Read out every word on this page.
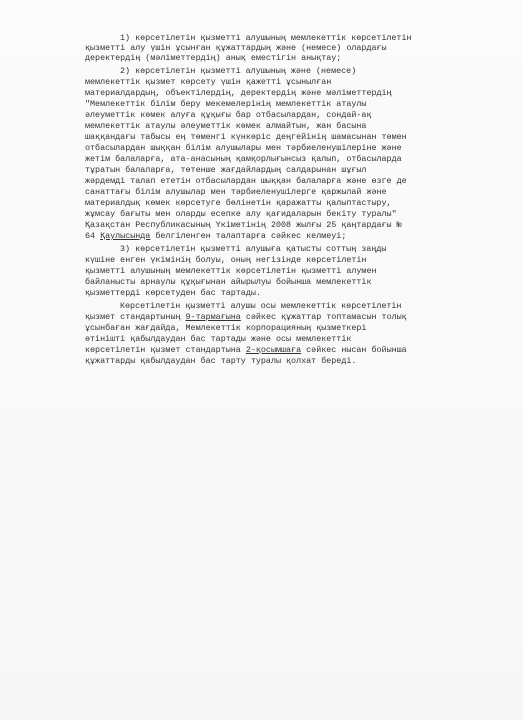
1) көрсетілетін қызметті алушының мемлекеттік көрсетілетін
қызметті алу үшін ұсынған құжаттардың және (немесе) олардағы
деректердің (мәліметтердің) анық еместігін анықтау;
2) көрсетілетін қызметті алушының және (немесе)
мемлекеттік қызмет көрсету үшін қажетті ұсынылған
материалдардың, объектілердің, деректердің және мәліметтердің
"Мемлекеттік білім беру мекемелерінің мемлекеттік атаулы
әлеуметтік көмек алуға құқығы бар отбасылардан, сондай-ақ
мемлекеттік атаулы әлеуметтік көмек алмайтын, жан басына
шаққандағы табысы ең төменгі күнкөріс деңгейінің шамасынан төмен
отбасылардан шыққан білім алушылары мен тәрбиеленушілеріне және
жетім балаларға, ата-анасының қамқорлығынсыз қалып, отбасыларда
тұратын балаларға, төтенше жағдайлардың салдарынан шұғыл
жәрдемді талап ететін отбасылардан шыққан балаларға және өзге де
санаттағы білім алушылар мен тәрбиеленушілерге қаржылай және
материалдық көмек көрсетуге бөлінетін қаражатты қалыптастыру,
жұмсау бағыты мен оларды есепке алу қағидаларын бекіту туралы"
Қазақстан Республикасының Үкіметінің 2008 жылғы 25 қаңтардағы №
64 Қаулысында белгіленген талаптарға сәйкес келмеуі;
3) көрсетілетін қызметті алушыға қатысты соттың заңды
күшіне енген үкімінің болуы, оның негізінде көрсетілетін
қызметті алушының мемлекеттік көрсетілетін қызметті алумен
байланысты арнаулы құқығынан айырылуы бойынша мемлекеттік
қызметтерді көрсетуден бас тартады.
Көрсетілетін қызметті алушы осы мемлекеттік көрсетілетін
қызмет стандартының 9-тармағына сәйкес құжаттар топтамасын толық
ұсынбаған жағдайда, Мемлекеттік корпорацияның қызметкері
өтінішті қабылдаудан бас тартады және осы мемлекеттік
көрсетілетін қызмет стандартына 2-қосымшаға сәйкес нысан бойынша
құжаттарды қабылдаудан бас тарту туралы қолхат береді.
